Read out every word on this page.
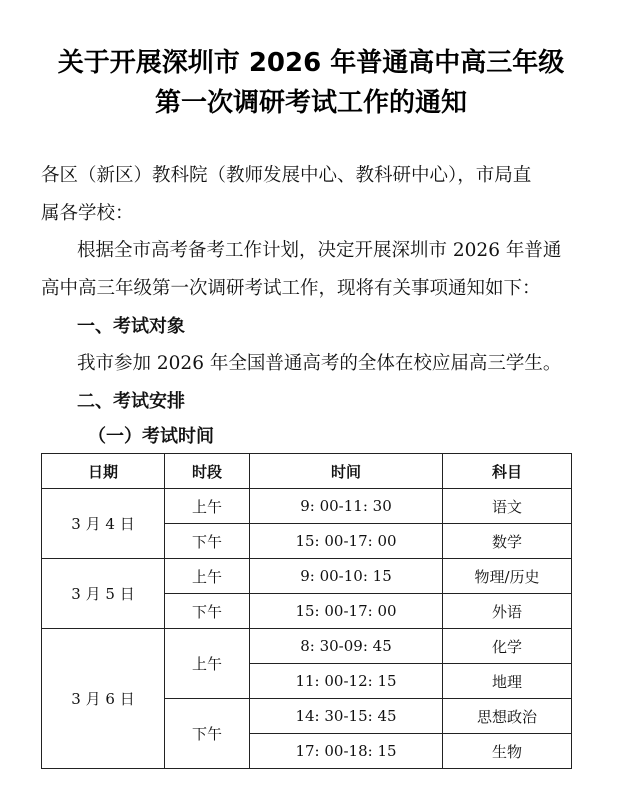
关于开展深圳市 2026 年普通高中高三年级
第一次调研考试工作的通知

各区（新区）教科院（教师发展中心、教科研中心），市局直

属各学校：

根据全市高考备考工作计划，决定开展深圳市 2026 年普通

高中高三年级第一次调研考试工作，现将有关事项通知如下：

一、考试对象

我市参加 2026 年全国普通高考的全体在校应届高三学生。

二、考试安排

（一）考试时间

日期	时段	时间	科目
3 月 4 日	上午	9: 00-11: 30	语文
	下午	15: 00-17: 00	数学
3 月 5 日	上午	9: 00-10: 15	物理/历史
	下午	15: 00-17: 00	外语
3 月 6 日	上午	8: 30-09: 45	化学
		11: 00-12: 15	地理
	下午	14: 30-15: 45	思想政治
		17: 00-18: 15	生物
